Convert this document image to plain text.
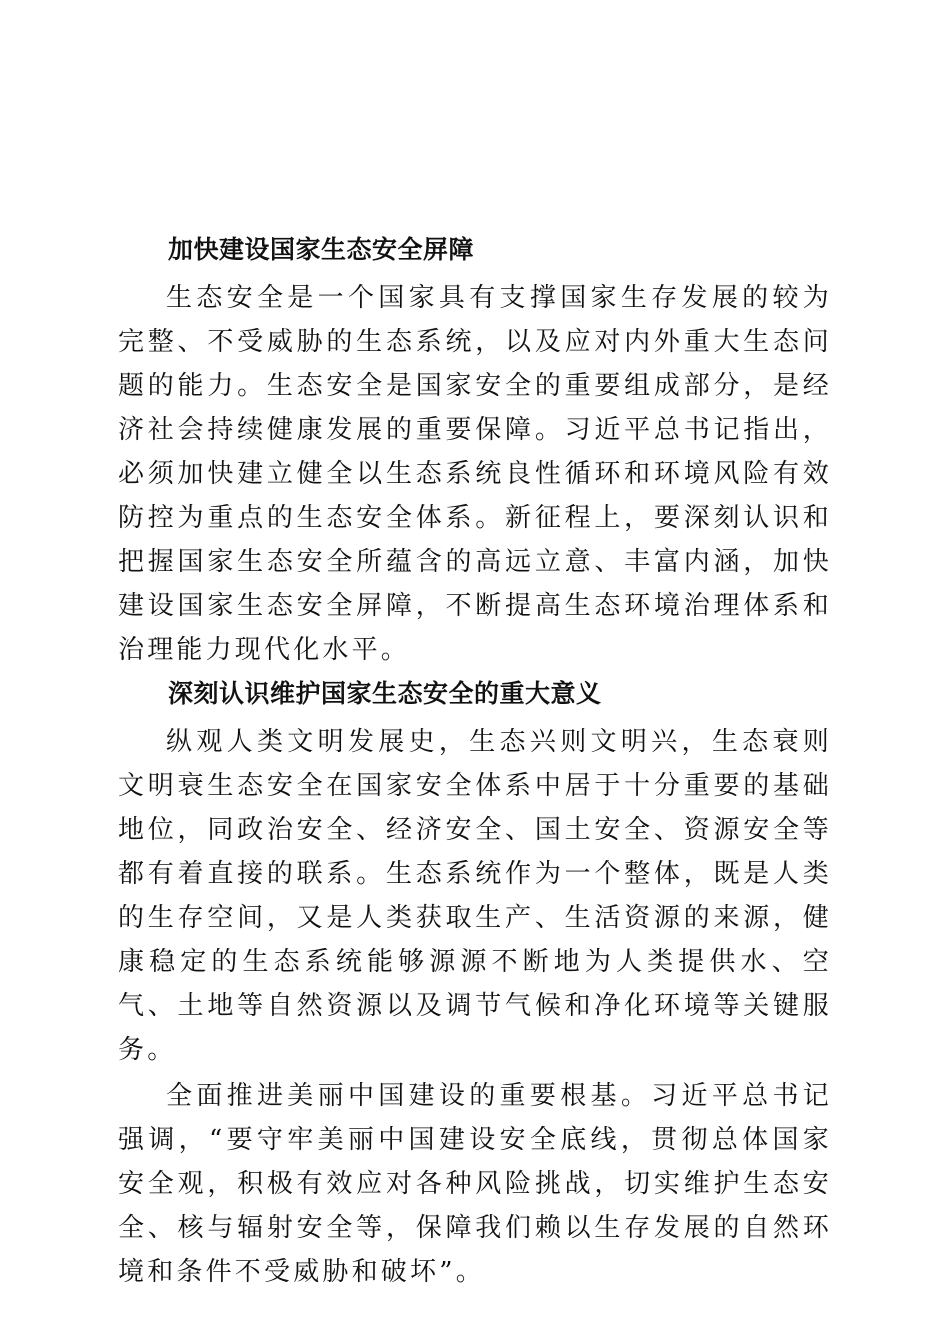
加快建设国家生态安全屏障

生态安全是一个国家具有支撑国家生存发展的较为完整、不受威胁的生态系统，以及应对内外重大生态问题的能力。生态安全是国家安全的重要组成部分，是经济社会持续健康发展的重要保障。习近平总书记指出，必须加快建立健全以生态系统良性循环和环境风险有效防控为重点的生态安全体系。新征程上，要深刻认识和把握国家生态安全所蕴含的高远立意、丰富内涵，加快建设国家生态安全屏障，不断提高生态环境治理体系和治理能力现代化水平。

深刻认识维护国家生态安全的重大意义

纵观人类文明发展史，生态兴则文明兴，生态衰则文明衰生态安全在国家安全体系中居于十分重要的基础地位，同政治安全、经济安全、国土安全、资源安全等都有着直接的联系。生态系统作为一个整体，既是人类的生存空间，又是人类获取生产、生活资源的来源，健康稳定的生态系统能够源源不断地为人类提供水、空气、土地等自然资源以及调节气候和净化环境等关键服务。

全面推进美丽中国建设的重要根基。习近平总书记强调，“要守牢美丽中国建设安全底线，贯彻总体国家安全观，积极有效应对各种风险挑战，切实维护生态安全、核与辐射安全等，保障我们赖以生存发展的自然环境和条件不受威胁和破坏”。
